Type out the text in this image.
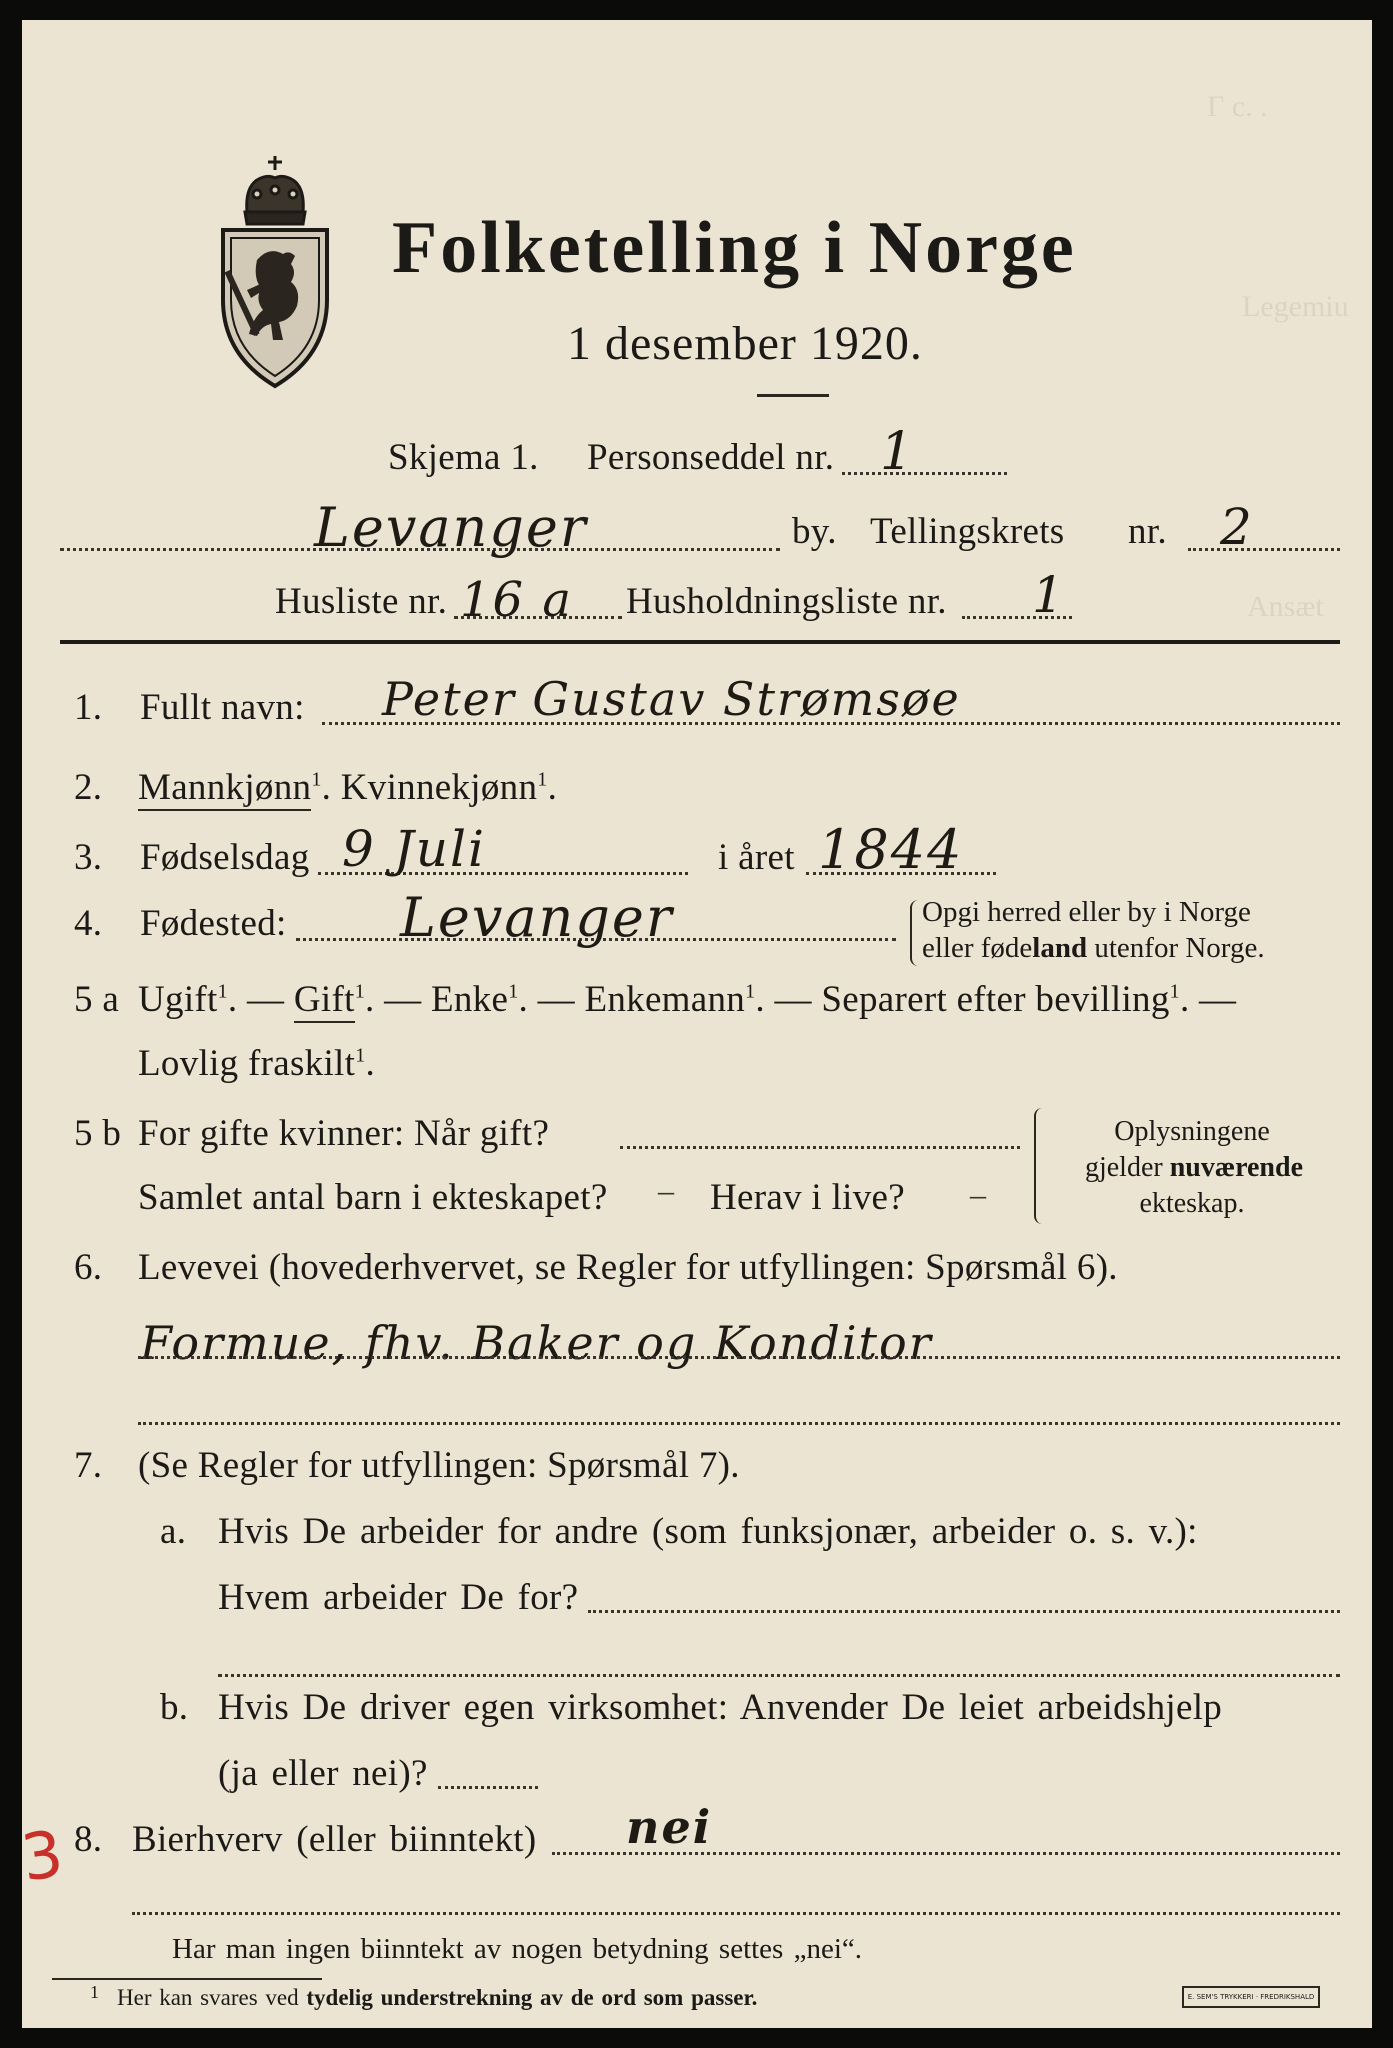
Γ c. .
Legemiu
Ansæt
Folketelling i Norge
1 desember 1920.
Skjema 1. Personseddel nr. 1
Levanger	by. Tellingskrets nr. 2
Husliste nr. 16 a Husholdningsliste nr. 1
1. Fullt navn: Peter Gustav Strømsøe
2. Mannkjønn$^1$. Kvinnekjønn$^1$.
3. Fødselsdag 9 Juli	i året 1844
4. Fødested: Levanger	Opgi herred eller by i Norge
eller fødeland utenfor Norge.
5 a Ugift$^1$. — Gift$^1$. — Enke$^1$. — Enkemann$^1$. — Separert efter bevilling$^1$. —
Lovlig fraskilt$^1$.
5 b For gifte kvinner: Når gift?
Samlet antal barn i ekteskapet? – Herav i live? –
Oplysningene
gjelder nuværende
ekteskap.
6. Levevei (hovederhvervet, se Regler for utfyllingen: Spørsmål 6).
Formue, fhv. Baker og Konditor
7. (Se Regler for utfyllingen: Spørsmål 7).
a. Hvis De arbeider for andre (som funksjonær, arbeider o. s. v.):
Hvem arbeider De for?
b. Hvis De driver egen virksomhet: Anvender De leiet arbeidshjelp
(ja eller nei)?
3 8. Bierhverv (eller biinntekt) nei
Har man ingen biinntekt av nogen betydning settes „nei“.
1 Her kan svares ved tydelig understrekning av de ord som passer.	E. SEM'S TRYKKERI · FREDRIKSHALD
